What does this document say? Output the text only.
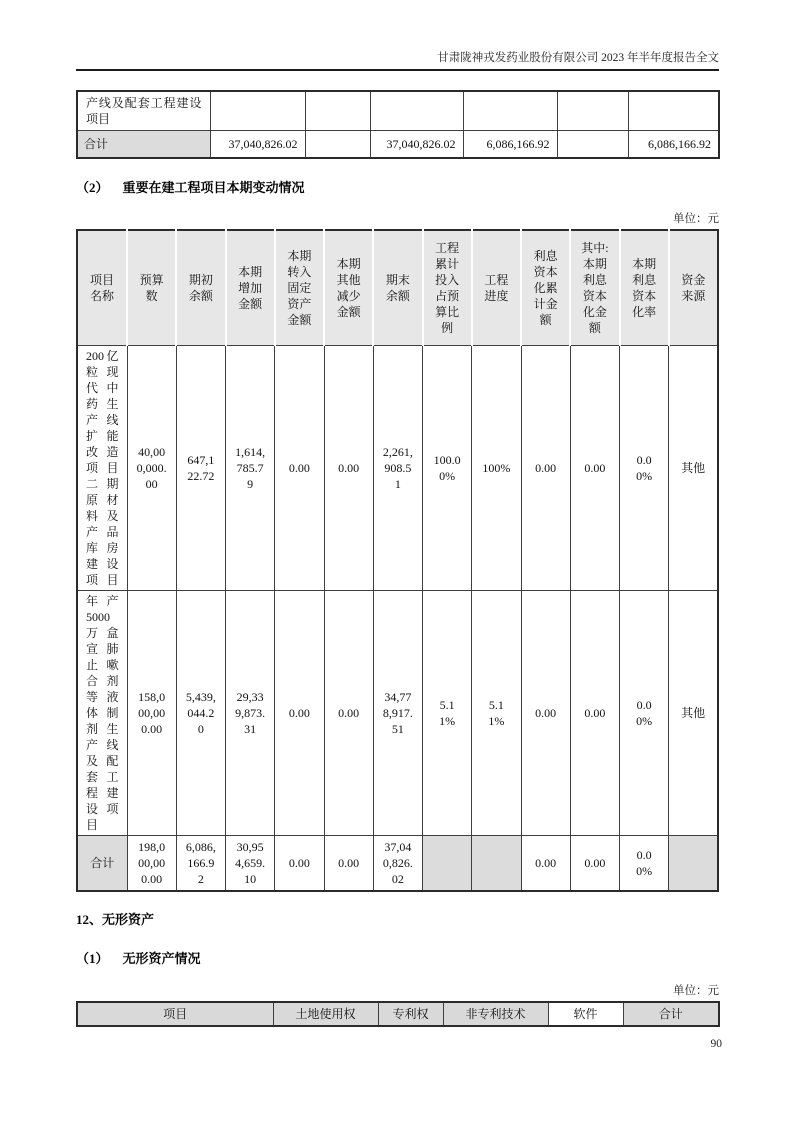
甘肃陇神戎发药业股份有限公司 2023 年半年度报告全文
产线及配套工程建设项目						
合计	37,040,826.02		37,040,826.02	6,086,166.92		6,086,166.92
（2） 重要在建工程项目本期变动情况
单位：元
项目名称	预算数	期初余额	本期增加金额	本期转入固定资产金额	本期其他减少金额	期末余额	工程累计投入占预算比例	工程进度	利息资本化累计金额	其中:本期利息资本化金额	本期利息资本化率	资金来源
200亿粒现代中药生产线扩能改造项目二期原材料及产品库房建设项目	40,000,000.00	647,122.72	1,614,785.79	0.00	0.00	2,261,908.51	100.00%	100%	0.00	0.00	0.00%	其他
年产5000万盒宣肺止嗽合剂等液体制剂生产线及配套工程建设项目	158,000,000.00	5,439,044.20	29,339,873.31	0.00	0.00	34,778,917.51	5.11%	5.11%	0.00	0.00	0.00%	其他
合计	198,000,000.00	6,086,166.92	30,954,659.10	0.00	0.00	37,040,826.02			0.00	0.00	0.00%	
12、无形资产
（1） 无形资产情况
单位：元
项目	土地使用权	专利权	非专利技术	软件	合计
90
